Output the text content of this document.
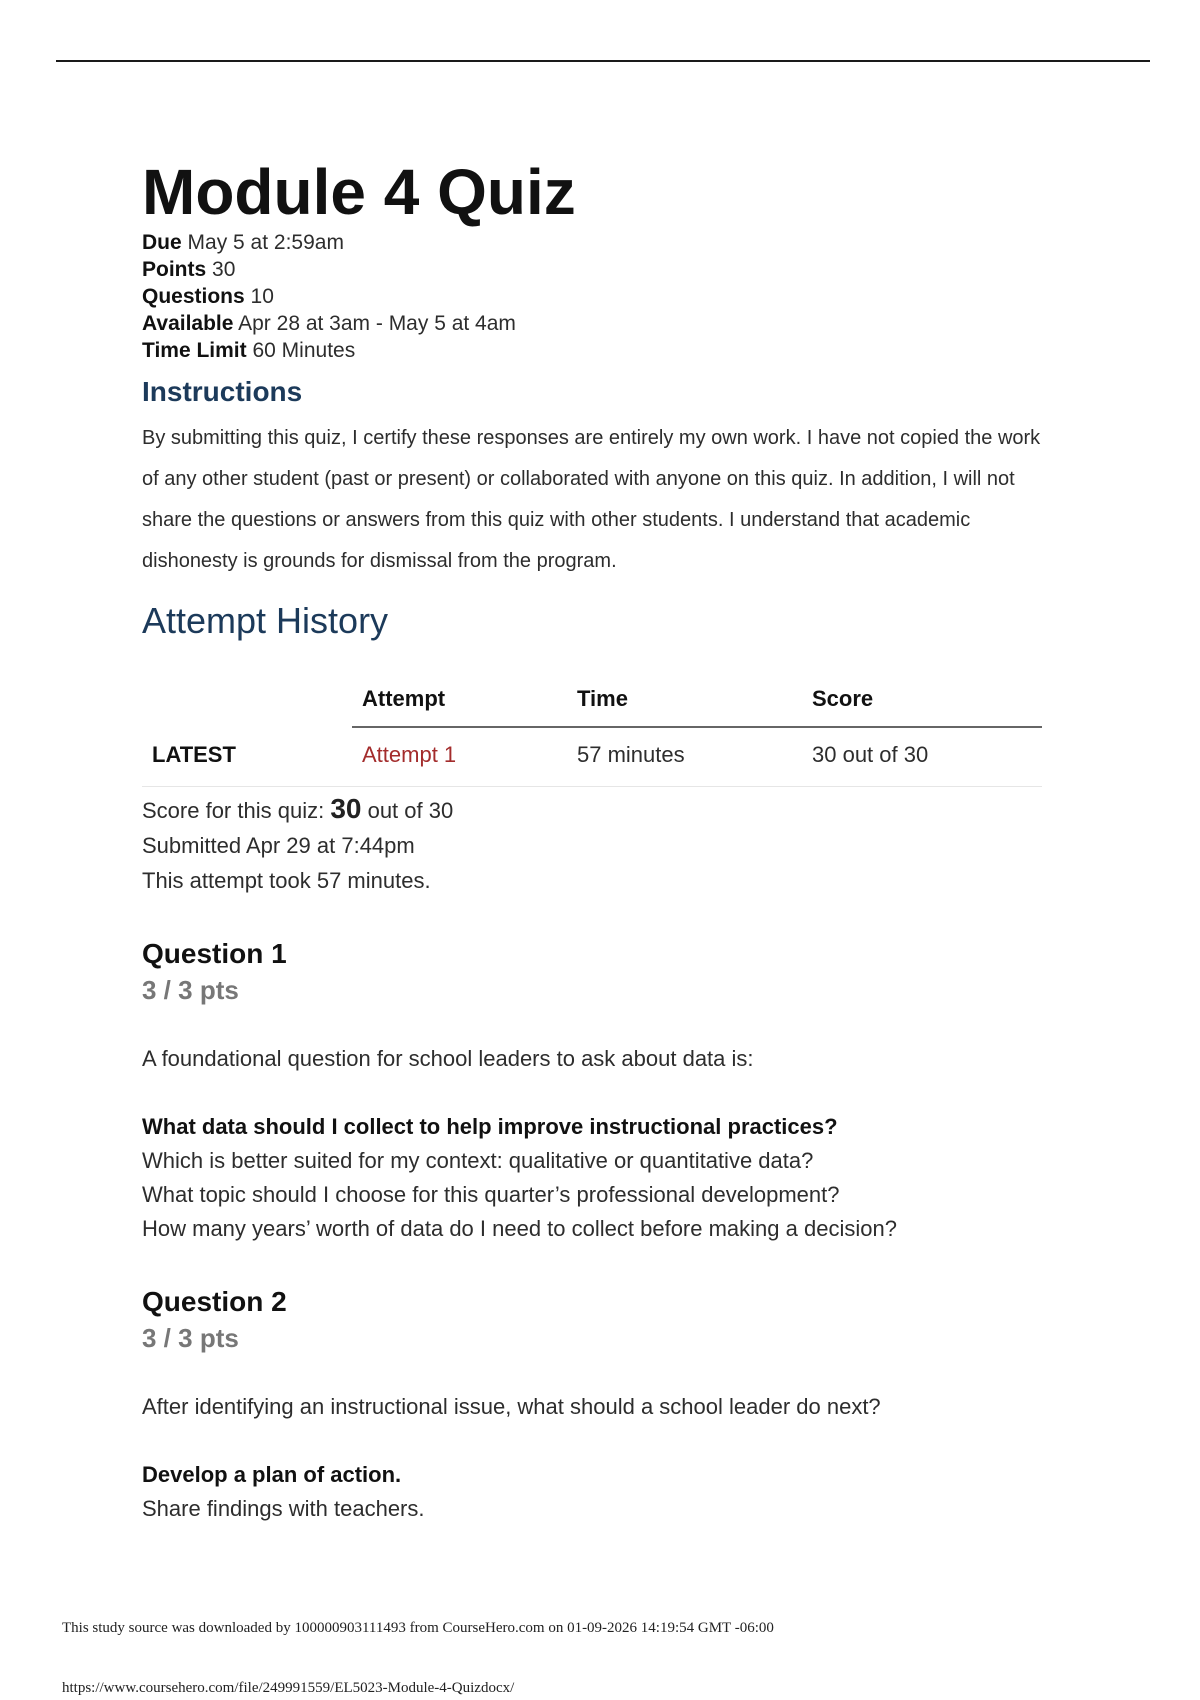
Module 4 Quiz
Due May 5 at 2:59am
Points 30
Questions 10
Available Apr 28 at 3am - May 5 at 4am
Time Limit 60 Minutes
Instructions

By submitting this quiz, I certify these responses are entirely my own work. I have not copied the work of any other student (past or present) or collaborated with anyone on this quiz. In addition, I will not share the questions or answers from this quiz with other students. I understand that academic dishonesty is grounds for dismissal from the program.

Attempt History
	Attempt	Time	Score
LATEST	Attempt 1	57 minutes	30 out of 30
Score for this quiz: 30 out of 30
Submitted Apr 29 at 7:44pm
This attempt took 57 minutes.
Question 1
3 / 3 pts
A foundational question for school leaders to ask about data is:
What data should I collect to help improve instructional practices?
Which is better suited for my context: qualitative or quantitative data?
What topic should I choose for this quarter’s professional development?
How many years’ worth of data do I need to collect before making a decision?
Question 2
3 / 3 pts
After identifying an instructional issue, what should a school leader do next?
Develop a plan of action.
Share findings with teachers.
This study source was downloaded by 100000903111493 from CourseHero.com on 01-09-2026 14:19:54 GMT -06:00
https://www.coursehero.com/file/249991559/EL5023-Module-4-Quizdocx/
